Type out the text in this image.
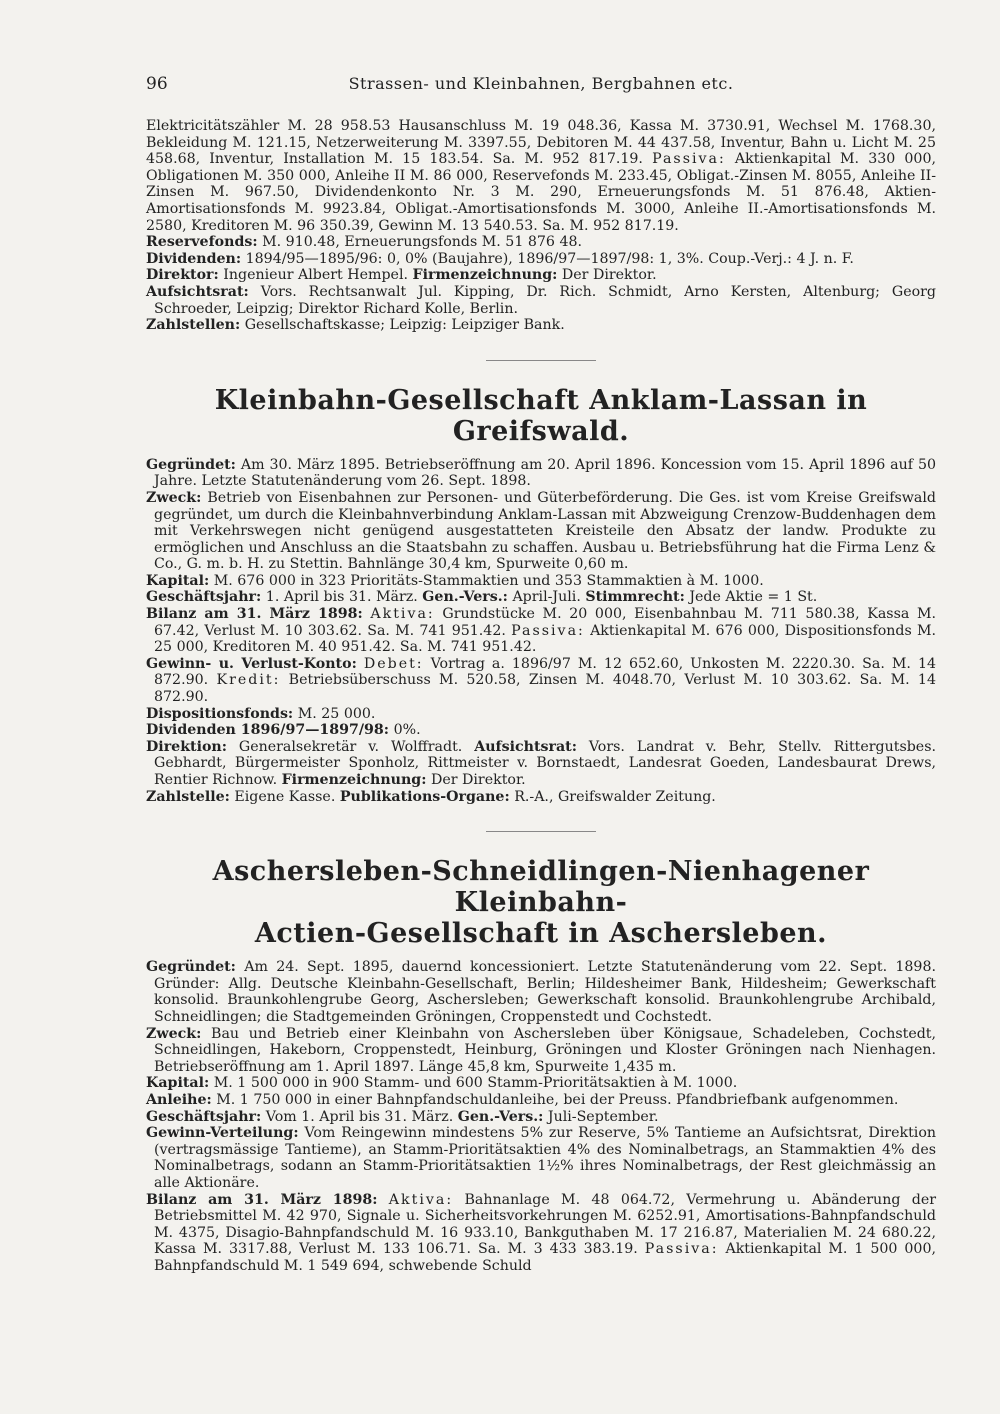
96	Strassen- und Kleinbahnen, Bergbahnen etc.

Elektricitätszähler M. 28 958.53 Hausanschluss M. 19 048.36, Kassa M. 3730.91, Wechsel M. 1768.30, Bekleidung M. 121.15, Netzerweiterung M. 3397.55, Debitoren M. 44 437.58, Inventur, Bahn u. Licht M. 25 458.68, Inventur, Installation M. 15 183.54. Sa. M. 952 817.19. Passiva: Aktienkapital M. 330 000, Obligationen M. 350 000, Anleihe II M. 86 000, Reservefonds M. 233.45, Obligat.-Zinsen M. 8055, Anleihe II-Zinsen M. 967.50, Dividendenkonto Nr. 3 M. 290, Erneuerungsfonds M. 51 876.48, Aktien-Amortisationsfonds M. 9923.84, Obligat.-Amortisationsfonds M. 3000, Anleihe II.-Amortisationsfonds M. 2580, Kreditoren M. 96 350.39, Gewinn M. 13 540.53. Sa. M. 952 817.19.

Reservefonds: M. 910.48, Erneuerungsfonds M. 51 876 48.

Dividenden: 1894/95—1895/96: 0, 0% (Baujahre), 1896/97—1897/98: 1, 3%. Coup.-Verj.: 4 J. n. F.

Direktor: Ingenieur Albert Hempel. Firmenzeichnung: Der Direktor.

Aufsichtsrat: Vors. Rechtsanwalt Jul. Kipping, Dr. Rich. Schmidt, Arno Kersten, Altenburg; Georg Schroeder, Leipzig; Direktor Richard Kolle, Berlin.

Zahlstellen: Gesellschaftskasse; Leipzig: Leipziger Bank.

Kleinbahn-Gesellschaft Anklam-Lassan in Greifswald.

Gegründet: Am 30. März 1895. Betriebseröffnung am 20. April 1896. Koncession vom 15. April 1896 auf 50 Jahre. Letzte Statutenänderung vom 26. Sept. 1898.

Zweck: Betrieb von Eisenbahnen zur Personen- und Güterbeförderung. Die Ges. ist vom Kreise Greifswald gegründet, um durch die Kleinbahnverbindung Anklam-Lassan mit Abzweigung Crenzow-Buddenhagen dem mit Verkehrswegen nicht genügend ausgestatteten Kreisteile den Absatz der landw. Produkte zu ermöglichen und Anschluss an die Staatsbahn zu schaffen. Ausbau u. Betriebsführung hat die Firma Lenz & Co., G. m. b. H. zu Stettin. Bahnlänge 30,4 km, Spurweite 0,60 m.

Kapital: M. 676 000 in 323 Prioritäts-Stammaktien und 353 Stammaktien à M. 1000.

Geschäftsjahr: 1. April bis 31. März. Gen.-Vers.: April-Juli. Stimmrecht: Jede Aktie = 1 St.

Bilanz am 31. März 1898: Aktiva: Grundstücke M. 20 000, Eisenbahnbau M. 711 580.38, Kassa M. 67.42, Verlust M. 10 303.62. Sa. M. 741 951.42. Passiva: Aktienkapital M. 676 000, Dispositionsfonds M. 25 000, Kreditoren M. 40 951.42. Sa. M. 741 951.42.

Gewinn- u. Verlust-Konto: Debet: Vortrag a. 1896/97 M. 12 652.60, Unkosten M. 2220.30. Sa. M. 14 872.90. Kredit: Betriebsüberschuss M. 520.58, Zinsen M. 4048.70, Verlust M. 10 303.62. Sa. M. 14 872.90.

Dispositionsfonds: M. 25 000.

Dividenden 1896/97—1897/98: 0%.

Direktion: Generalsekretär v. Wolffradt. Aufsichtsrat: Vors. Landrat v. Behr, Stellv. Rittergutsbes. Gebhardt, Bürgermeister Sponholz, Rittmeister v. Bornstaedt, Landesrat Goeden, Landesbaurat Drews, Rentier Richnow. Firmenzeichnung: Der Direktor.

Zahlstelle: Eigene Kasse. Publikations-Organe: R.-A., Greifswalder Zeitung.

Aschersleben-Schneidlingen-Nienhagener Kleinbahn-
Actien-Gesellschaft in Aschersleben.

Gegründet: Am 24. Sept. 1895, dauernd koncessioniert. Letzte Statutenänderung vom 22. Sept. 1898. Gründer: Allg. Deutsche Kleinbahn-Gesellschaft, Berlin; Hildesheimer Bank, Hildesheim; Gewerkschaft konsolid. Braunkohlengrube Georg, Aschersleben; Gewerkschaft konsolid. Braunkohlengrube Archibald, Schneidlingen; die Stadtgemeinden Gröningen, Croppenstedt und Cochstedt.

Zweck: Bau und Betrieb einer Kleinbahn von Aschersleben über Königsaue, Schadeleben, Cochstedt, Schneidlingen, Hakeborn, Croppenstedt, Heinburg, Gröningen und Kloster Gröningen nach Nienhagen. Betriebseröffnung am 1. April 1897. Länge 45,8 km, Spurweite 1,435 m.

Kapital: M. 1 500 000 in 900 Stamm- und 600 Stamm-Prioritätsaktien à M. 1000.

Anleihe: M. 1 750 000 in einer Bahnpfandschuldanleihe, bei der Preuss. Pfandbriefbank aufgenommen.

Geschäftsjahr: Vom 1. April bis 31. März. Gen.-Vers.: Juli-September.

Gewinn-Verteilung: Vom Reingewinn mindestens 5% zur Reserve, 5% Tantieme an Aufsichtsrat, Direktion (vertragsmässige Tantieme), an Stamm-Prioritätsaktien 4% des Nominalbetrags, an Stammaktien 4% des Nominalbetrags, sodann an Stamm-Prioritätsaktien 1½% ihres Nominalbetrags, der Rest gleichmässig an alle Aktionäre.

Bilanz am 31. März 1898: Aktiva: Bahnanlage M. 48 064.72, Vermehrung u. Abänderung der Betriebsmittel M. 42 970, Signale u. Sicherheitsvorkehrungen M. 6252.91, Amortisations-Bahnpfandschuld M. 4375, Disagio-Bahnpfandschuld M. 16 933.10, Bankguthaben M. 17 216.87, Materialien M. 24 680.22, Kassa M. 3317.88, Verlust M. 133 106.71. Sa. M. 3 433 383.19. Passiva: Aktienkapital M. 1 500 000, Bahnpfandschuld M. 1 549 694, schwebende Schuld
